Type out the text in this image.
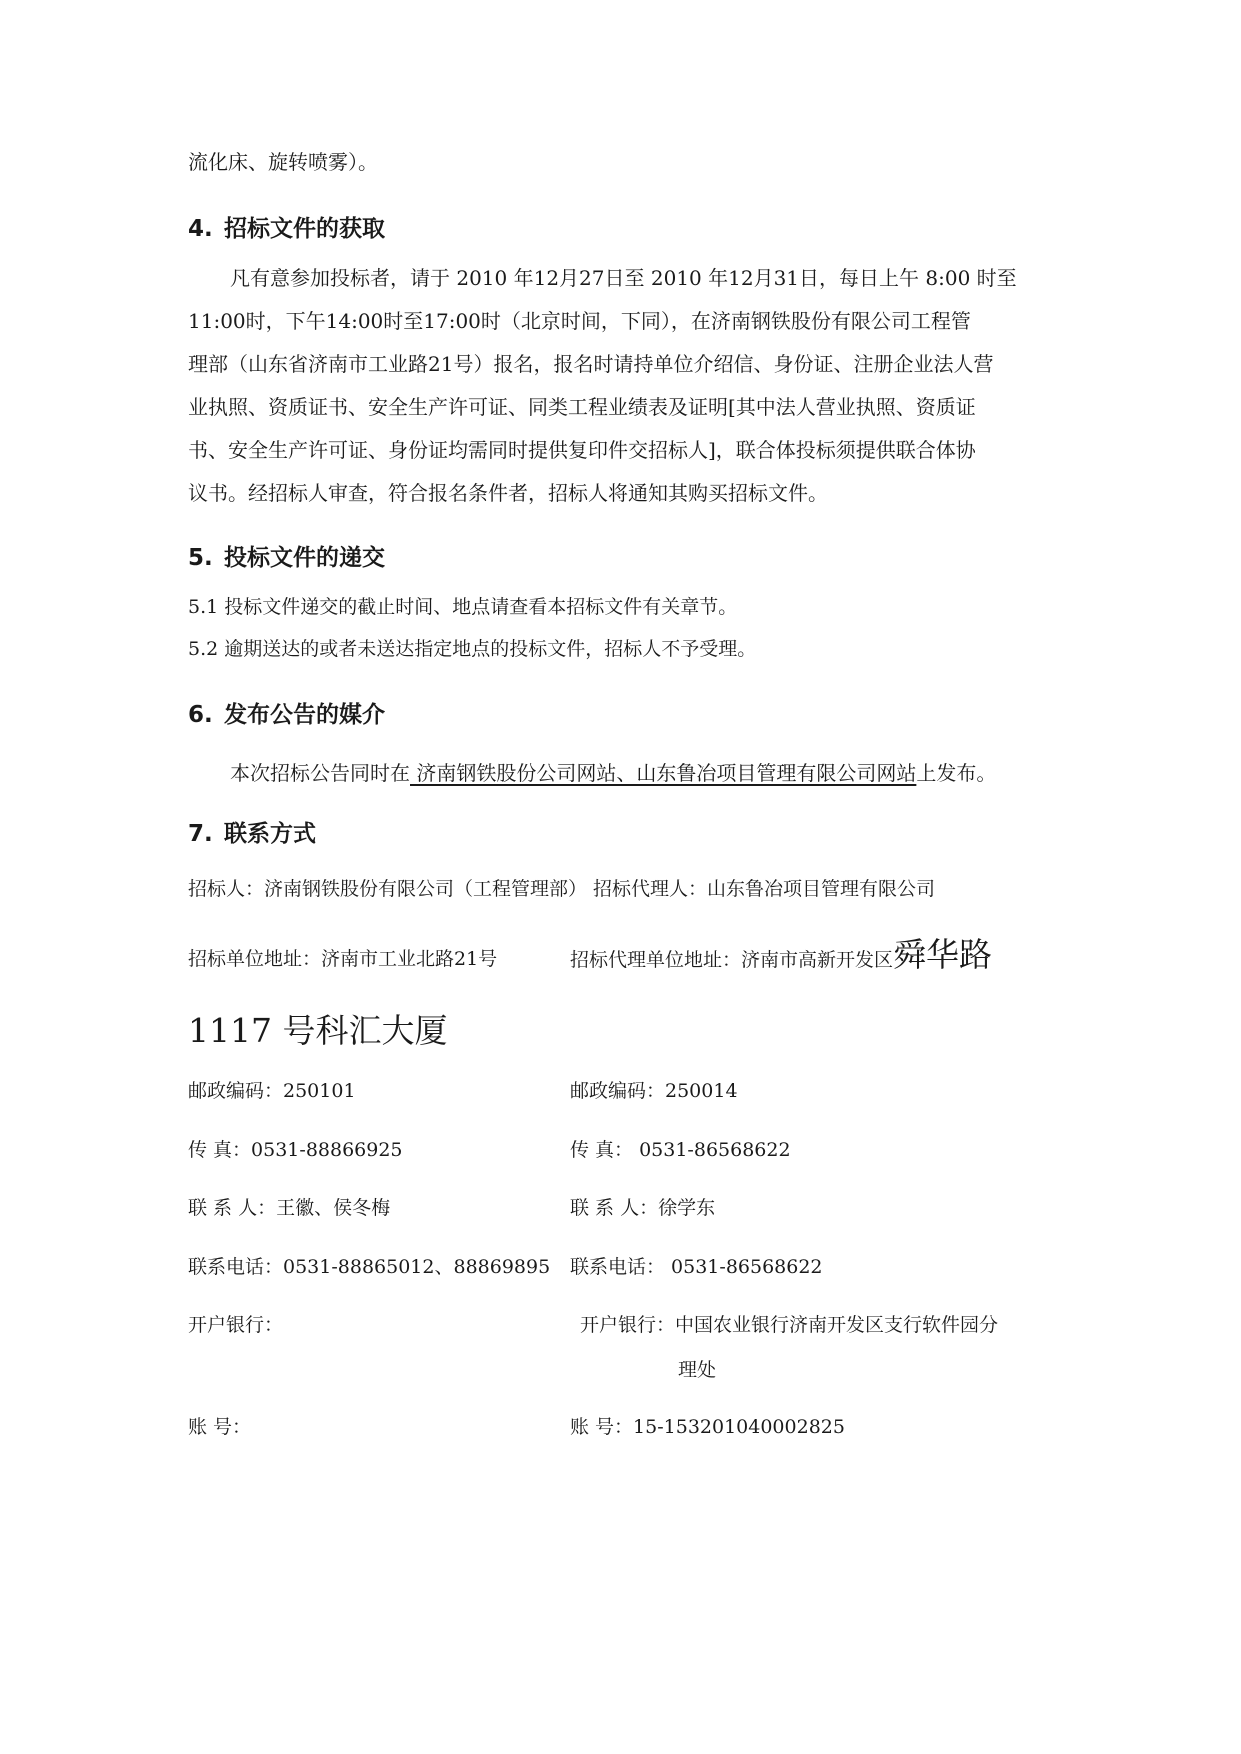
流化床、旋转喷雾）。
4. 招标文件的获取
凡有意参加投标者，请于 2010 年12月27日至 2010 年12月31日，每日上午 8:00 时至
11:00时，下午14:00时至17:00时（北京时间，下同），在济南钢铁股份有限公司工程管
理部（山东省济南市工业路21号）报名，报名时请持单位介绍信、身份证、注册企业法人营
业执照、资质证书、安全生产许可证、同类工程业绩表及证明[其中法人营业执照、资质证
书、安全生产许可证、身份证均需同时提供复印件交招标人]，联合体投标须提供联合体协
议书。经招标人审查，符合报名条件者，招标人将通知其购买招标文件。
5. 投标文件的递交
5.1 投标文件递交的截止时间、地点请查看本招标文件有关章节。
5.2 逾期送达的或者未送达指定地点的投标文件，招标人不予受理。
6. 发布公告的媒介
本次招标公告同时在 济南钢铁股份公司网站、山东鲁冶项目管理有限公司网站上发布。
7. 联系方式
招标人：济南钢铁股份有限公司（工程管理部） 招标代理人：山东鲁冶项目管理有限公司
招标单位地址：济南市工业北路21号	招标代理单位地址：济南市高新开发区舜华路
1117 号科汇大厦
邮政编码：250101
传 真：0531-88866925
联 系 人：王徽、侯冬梅
联系电话：0531-88865012、88869895
开户银行：
账 号：
邮政编码：250014
传 真： 0531-86568622
联 系 人：徐学东
联系电话： 0531-86568622
开户银行：中国农业银行济南开发区支行软件园分
理处
账 号：15-153201040002825
